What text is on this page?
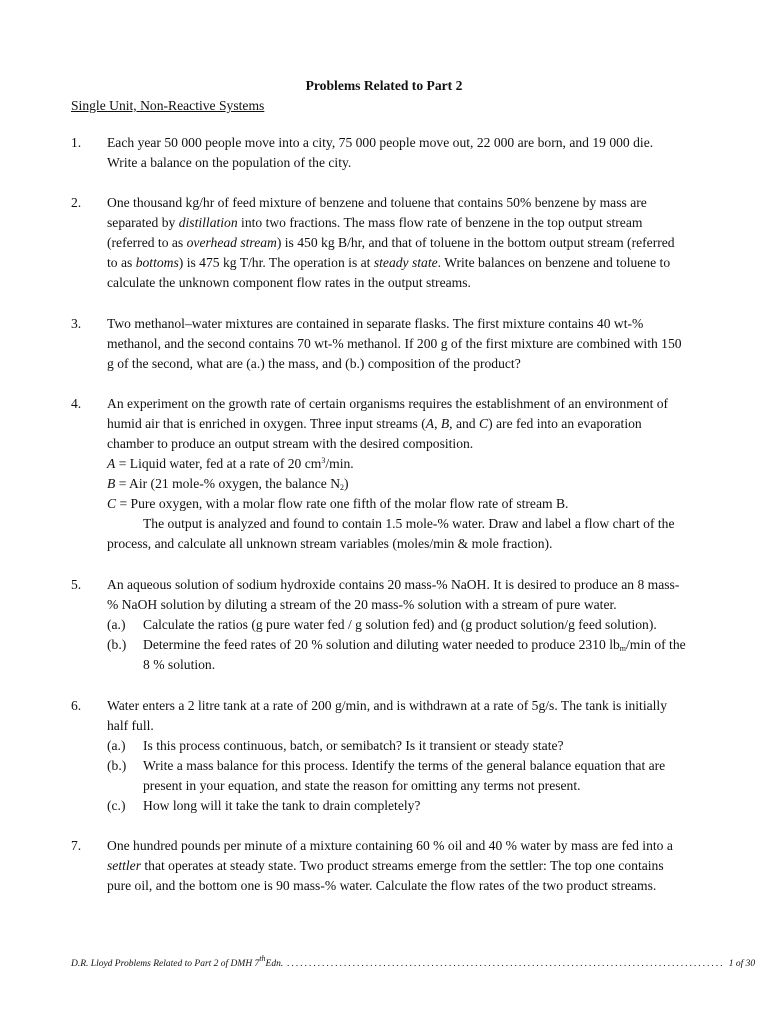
Problems Related to Part 2
Single Unit, Non-Reactive Systems
1.	Each year 50 000 people move into a city, 75 000 people move out, 22 000 are born, and 19 000 die.
Write a balance on the population of the city.
2.	One thousand kg/hr of feed mixture of benzene and toluene that contains 50% benzene by mass are
separated by distillation into two fractions. The mass flow rate of benzene in the top output stream
(referred to as overhead stream) is 450 kg B/hr, and that of toluene in the bottom output stream (referred
to as bottoms) is 475 kg T/hr. The operation is at steady state. Write balances on benzene and toluene to
calculate the unknown component flow rates in the output streams.
3.	Two methanol–water mixtures are contained in separate flasks. The first mixture contains 40 wt-%
methanol, and the second contains 70 wt-% methanol. If 200 g of the first mixture are combined with 150
g of the second, what are (a.) the mass, and (b.) composition of the product?
4.	An experiment on the growth rate of certain organisms requires the establishment of an environment of
humid air that is enriched in oxygen. Three input streams (A, B, and C) are fed into an evaporation
chamber to produce an output stream with the desired composition.
A = Liquid water, fed at a rate of 20 $cm^3/\min$.
B = Air (21 mole-% oxygen, the balance $N_2$)
C = Pure oxygen, with a molar flow rate one fifth of the molar flow rate of stream B.
The output is analyzed and found to contain 1.5 mole-% water. Draw and label a flow chart of the
process, and calculate all unknown stream variables (moles/min & mole fraction).
5.	An aqueous solution of sodium hydroxide contains 20 mass-% NaOH. It is desired to produce an 8 mass-
% NaOH solution by diluting a stream of the 20 mass-% solution with a stream of pure water.
(a.) Calculate the ratios (g pure water fed / g solution fed) and (g product solution/g feed solution).
(b.) Determine the feed rates of 20 % solution and diluting water needed to produce 2310 $lb_m/\min$ of the
8 % solution.
6.	Water enters a 2 litre tank at a rate of 200 g/min, and is withdrawn at a rate of 5g/s. The tank is initially
half full.
(a.) Is this process continuous, batch, or semibatch? Is it transient or steady state?
(b.) Write a mass balance for this process. Identify the terms of the general balance equation that are
present in your equation, and state the reason for omitting any terms not present.
(c.) How long will it take the tank to drain completely?
7.	One hundred pounds per minute of a mixture containing 60 % oil and 40 % water by mass are fed into a
settler that operates at steady state. Two product streams emerge from the settler: The top one contains
pure oil, and the bottom one is 90 mass-% water. Calculate the flow rates of the two product streams.
D.R. Lloyd Problems Related to Part 2 of DMH 7thEdn. .................................................................................................... 1 of 30
